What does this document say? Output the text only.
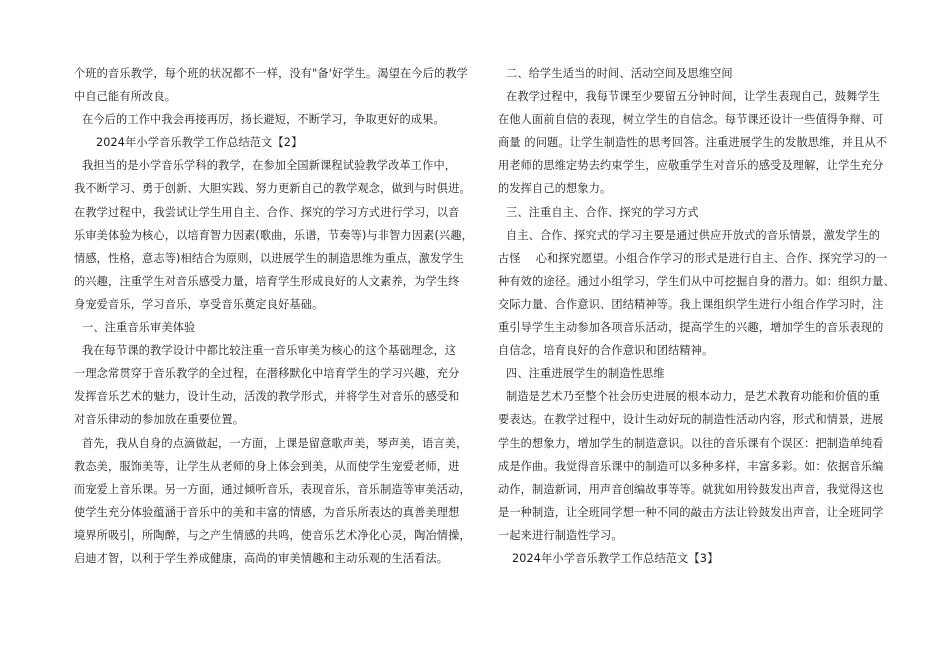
个班的音乐教学，每个班的状况都不一样，没有"备'好学生。渴望在今后的教学
中自己能有所改良。
在今后的工作中我会再接再厉，扬长避短，不断学习，争取更好的成果。
2024年小学音乐教学工作总结范文【2】
我担当的是小学音乐学科的教学，在参加全国新课程试验教学改革工作中，
我不断学习、勇于创新、大胆实践、努力更新自己的教学观念，做到与时俱进。
在教学过程中，我尝试让学生用自主、合作、探究的学习方式进行学习，以音
乐审美体验为核心，以培育智力因素(歌曲，乐谱，节奏等)与非智力因素(兴趣，
情感，性格，意志等)相结合为原则，以进展学生的制造思维为重点，激发学生
的兴趣，注重学生对音乐感受力量，培育学生形成良好的人文素养，为学生终
身宠爱音乐，学习音乐，享受音乐奠定良好基础。
一、注重音乐审美体验
我在每节课的教学设计中都比较注重一音乐审美为核心的这个基础理念，这
一理念常贯穿于音乐教学的全过程，在潜移默化中培育学生的学习兴趣，充分
发挥音乐艺术的魅力，设计生动，活泼的教学形式，并将学生对音乐的感受和
对音乐律动的参加放在重要位置。
首先，我从自身的点滴做起，一方面，上课是留意歌声美，琴声美，语言美，
教态美，服饰美等，让学生从老师的身上体会到美，从而使学生宠爱老师，进
而宠爱上音乐课。另一方面，通过倾听音乐，表现音乐，音乐制造等审美活动，
使学生充分体验蕴涵于音乐中的美和丰富的情感，为音乐所表达的真善美理想
境界所吸引，所陶醉，与之产生情感的共鸣，使音乐艺术净化心灵，陶冶情操，
启迪才智，以利于学生养成健康，高尚的审美情趣和主动乐观的生活看法。
二、给学生适当的时间、活动空间及思维空间
在教学过程中，我每节课至少要留五分钟时间，让学生表现自己，鼓舞学生
在他人面前自信的表现，树立学生的自信念。每节课还设计一些值得争辩、可
商量 的问题。让学生制造性的思考回答。注重进展学生的发散思维，并且从不
用老师的思维定势去约束学生，应敬重学生对音乐的感受及理解，让学生充分
的发挥自己的想象力。
三、注重自主、合作、探究的学习方式
自主、合作、探究式的学习主要是通过供应开放式的音乐情景，激发学生的
古怪　 心和探究愿望。小组合作学习的形式是进行自主、合作、探究学习的一
种有效的途径。通过小组学习，学生们从中可挖掘自身的潜力。如：组织力量、
交际力量、合作意识、团结精神等。我上课组织学生进行小组合作学习时，注
重引导学生主动参加各项音乐活动，提高学生的兴趣，增加学生的音乐表现的
自信念，培育良好的合作意识和团结精神。
四、注重进展学生的制造性思维
制造是艺术乃至整个社会历史进展的根本动力，是艺术教育功能和价值的重
要表达。在教学过程中，设计生动好玩的制造性活动内容，形式和情景，进展
学生的想象力，增加学生的制造意识。以往的音乐课有个误区：把制造单纯看
成是作曲。我觉得音乐课中的制造可以多种多样，丰富多彩。如：依据音乐编
动作，制造新词，用声音创编故事等等。就犹如用铃鼓发出声音，我觉得这也
是一种制造，让全班同学想一种不同的敲击方法让铃鼓发出声音，让全班同学
一起来进行制造性学习。
2024年小学音乐教学工作总结范文【3】
